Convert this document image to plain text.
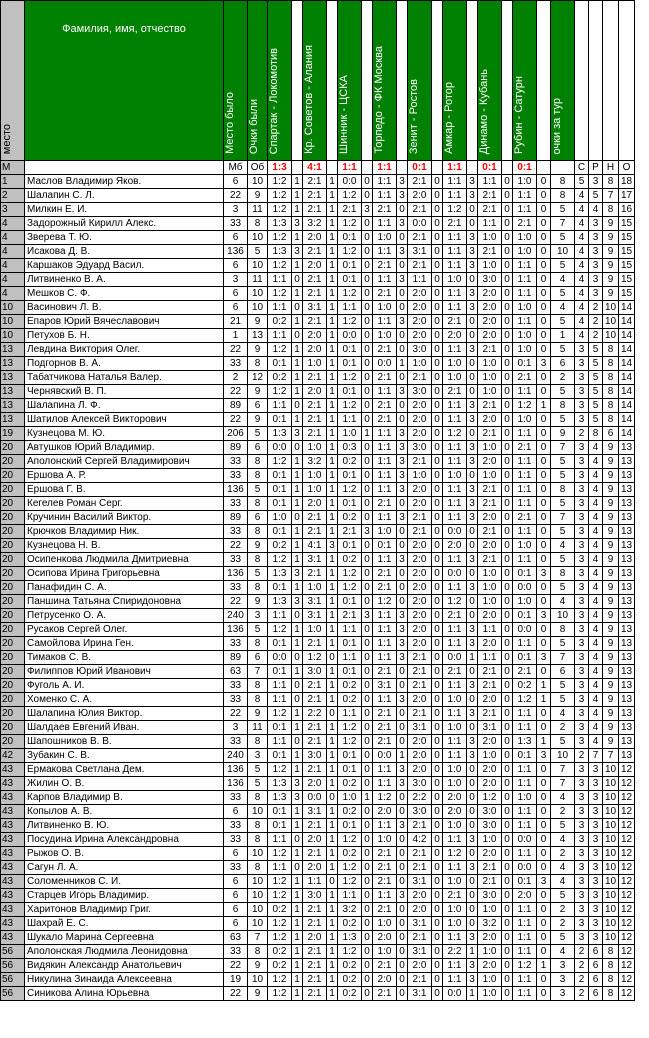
место	Фамилия, имя, отчество	Место было	Очки были	Спартак - Локомотив		Кр. Советов - Алания		Шинник - ЦСКА		Торпедо - ФК Москва		Зенит - Ростов		Амкар - Ротор		Динамо - Кубань		Рубин - Сатурн		очки за тур				
М		Мб	Об	1:3		4:1		1:1		1:1		0:1		1:1		0:1		0:1			С	Р	Н	О
1	Маслов Владимир Яков.	6	10	1:2	1	2:1	1	0:0	0	1:1	3	2:1	0	1:1	3	1:1	0	1:0	0	8	5	3	8	18
2	Шалапин С. Л.	22	9	1:2	1	2:1	1	1:2	0	1:1	3	2:0	0	1:1	3	2:1	0	1:1	0	8	4	5	7	17
3	Милкин Е. И.	3	11	1:2	1	2:1	1	2:1	3	2:1	0	2:1	0	1:2	0	2:1	0	1:1	0	5	4	4	8	16
4	Задорожный Кирилл Алекс.	33	8	1:3	3	3:2	1	1:2	0	1:1	3	0:0	0	2:1	0	1:1	0	2:1	0	7	4	3	9	15
4	Зверева Т. Ю.	6	10	1:2	1	2:0	1	0:1	0	1:0	0	2:1	0	1:1	3	1:0	0	1:0	0	5	4	3	9	15
4	Исакова Д. В.	136	5	1:3	3	2:1	1	1:2	0	1:1	3	3:1	0	1:1	3	2:1	0	1:0	0	10	4	3	9	15
4	Каршаков Эдуард Васил.	6	10	1:2	1	2:0	1	0:1	0	2:1	0	2:1	0	1:1	3	1:0	0	1:1	0	5	4	3	9	15
4	Литвиненко В. А.	3	11	1:1	0	2:1	1	0:1	0	1:1	3	1:1	0	1:0	0	3:0	0	1:1	0	4	4	3	9	15
4	Мешков С. Ф.	6	10	1:2	1	2:1	1	1:2	0	2:1	0	2:0	0	1:1	3	2:0	0	1:1	0	5	4	3	9	15
10	Васинович Л. В.	6	10	1:1	0	3:1	1	1:1	0	1:0	0	2:0	0	1:1	3	2:0	0	1:0	0	4	4	2	10	14
10	Епаров Юрий Вячеславович	21	9	0:2	1	2:1	1	1:2	0	1:1	3	2:0	0	2:1	0	2:0	0	1:1	0	5	4	2	10	14
10	Петухов Б. Н.	1	13	1:1	0	2:0	1	0:0	0	1:0	0	2:0	0	2:0	0	2:0	0	1:0	0	1	4	2	10	14
13	Левдина Виктория Олег.	22	9	1:2	1	2:0	1	0:1	0	2:1	0	3:0	0	1:1	3	2:1	0	1:0	0	5	3	5	8	14
13	Подгорнов В. А.	33	8	0:1	1	1:0	1	0:1	0	0:0	1	1:0	0	1:0	0	1:0	0	0:1	3	6	3	5	8	14
13	Табатчикова Наталья Валер.	2	12	0:2	1	2:1	1	1:2	0	2:1	0	2:1	0	1:0	0	1:0	0	2:1	0	2	3	5	8	14
13	Чернявский В. П.	22	9	1:2	1	2:0	1	0:1	0	1:1	3	3:0	0	2:1	0	1:0	0	1:1	0	5	3	5	8	14
13	Шалапина Л. Ф.	89	6	1:1	0	2:1	1	1:2	0	2:1	0	2:0	0	1:1	3	2:1	0	1:2	1	8	3	5	8	14
13	Шатилов Алексей Викторович	22	9	0:1	1	2:1	1	1:1	0	2:1	0	2:0	0	1:1	3	2:0	0	1:0	0	5	3	5	8	14
19	Кузнецова М. Ю.	206	5	1:3	3	2:1	1	1:0	1	1:1	3	2:0	0	1:2	0	2:1	0	1:1	0	9	2	8	6	14
20	Автушков Юрий Владимир.	89	6	0:0	0	1:0	1	0:3	0	1:1	3	3:0	0	1:1	3	1:0	0	2:1	0	7	3	4	9	13
20	Аполонский Сергей Владимирович	33	8	1:2	1	3:2	1	0:2	0	1:1	3	2:1	0	1:1	3	2:0	0	1:1	0	5	3	4	9	13
20	Ершова А. Р.	33	8	0:1	1	1:0	1	0:1	0	1:1	3	1:0	0	1:0	0	1:0	0	1:1	0	5	3	4	9	13
20	Ершова Г. В.	136	5	0:1	1	1:0	1	1:2	0	1:1	3	2:0	0	1:1	3	2:1	0	1:1	0	8	3	4	9	13
20	Кегелев Роман Серг.	33	8	0:1	1	2:0	1	0:1	0	2:1	0	2:0	0	1:1	3	2:1	0	1:1	0	5	3	4	9	13
20	Кручинин Василий Виктор.	89	6	1:0	0	2:1	1	0:2	0	1:1	3	2:1	0	1:1	3	2:0	0	2:1	0	7	3	4	9	13
20	Крючков Владимир Ник.	33	8	0:1	1	2:1	1	2:1	3	1:0	0	2:1	0	0:0	0	2:1	0	1:1	0	5	3	4	9	13
20	Кузнецова Н. В.	22	9	0:2	1	4:1	3	0:1	0	0:1	0	2:0	0	2:0	0	2:0	0	1:0	0	4	3	4	9	13
20	Осипенкова Людмила Дмитриевна	33	8	1:2	1	3:1	1	0:2	0	1:1	3	2:0	0	1:1	3	2:1	0	1:1	0	5	3	4	9	13
20	Осипова Ирина Григорьевна	136	5	1:3	3	2:1	1	1:2	0	2:1	0	2:0	0	0:0	0	1:0	0	0:1	3	8	3	4	9	13
20	Панафидин С. А.	33	8	0:1	1	1:0	1	1:2	0	2:1	0	2:0	0	1:1	3	1:0	0	0:0	0	5	3	4	9	13
20	Паншина Татьяна Спиридоновна	22	9	1:3	3	3:1	1	0:1	0	1:2	0	2:0	0	1:2	0	1:0	0	1:0	0	4	3	4	9	13
20	Петрусенко О. А.	240	3	1:1	0	3:1	1	2:1	3	1:1	3	2:0	0	2:1	0	2:0	0	0:1	3	10	3	4	9	13
20	Русаков Сергей Олег.	136	5	1:2	1	1:0	1	1:1	0	1:1	3	2:0	0	1:1	3	1:1	0	0:0	0	8	3	4	9	13
20	Самойлова Ирина Ген.	33	8	0:1	1	2:1	1	0:1	0	1:1	3	2:0	0	1:1	3	2:0	0	1:1	0	5	3	4	9	13
20	Тимаков С. В.	89	6	0:0	0	1:2	0	1:1	0	1:1	3	2:1	0	0:0	1	1:1	0	0:1	3	7	3	4	9	13
20	Филиппов Юрий Иванович	63	7	0:1	1	3:0	1	0:1	0	2:1	0	2:1	0	2:1	0	2:1	0	2:1	0	6	3	4	9	13
20	Фуголь А. И.	33	8	1:1	0	2:1	1	0:2	0	3:1	0	2:1	0	1:1	3	2:1	0	0:2	1	5	3	4	9	13
20	Хоменко С. А.	33	8	1:1	0	2:1	1	0:2	0	1:1	3	2:0	0	1:0	0	2:0	0	1:2	1	5	3	4	9	13
20	Шалапина Юлия Виктор.	22	9	1:2	1	2:2	0	1:1	0	2:1	0	2:1	0	1:1	3	2:1	0	1:1	0	4	3	4	9	13
20	Шалдаев Евгений Иван.	3	11	0:1	1	2:1	1	1:2	0	2:1	0	3:1	0	1:0	0	3:1	0	1:1	0	2	3	4	9	13
20	Шапошников В. В.	33	8	1:1	0	2:1	1	1:2	0	2:1	0	2:0	0	1:1	3	2:0	0	1:3	1	5	3	4	9	13
42	Зубакин С. В.	240	3	0:1	1	3:0	1	0:1	0	0:0	1	2:0	0	1:1	3	1:0	0	0:1	3	10	2	7	7	13
43	Ермакова Светлана Дем.	136	5	1:2	1	2:1	1	0:1	0	1:1	3	2:0	0	1:0	0	2:0	0	1:1	0	7	3	3	10	12
43	Жилин О. В.	136	5	1:3	3	2:0	1	0:2	0	1:1	3	3:0	0	1:0	0	2:0	0	1:1	0	7	3	3	10	12
43	Карпов Владимир В.	33	8	1:3	3	0:0	0	1:0	1	1:2	0	2:2	0	2:0	0	1:2	0	1:0	0	4	3	3	10	12
43	Копылов А. В.	6	10	0:1	1	3:1	1	0:2	0	2:0	0	3:0	0	2:0	0	3:0	0	1:1	0	2	3	3	10	12
43	Литвиненко В. Ю.	33	8	0:1	1	2:1	1	0:1	0	1:1	3	2:1	0	1:0	0	3:0	0	1:1	0	5	3	3	10	12
43	Посудина Ирина Александровна	33	8	1:1	0	2:0	1	1:2	0	1:0	0	4:2	0	1:1	3	1:0	0	0:0	0	4	3	3	10	12
43	Рыжов О. В.	6	10	1:2	1	2:1	1	0:2	0	2:1	0	2:1	0	1:2	0	2:0	0	1:1	0	2	3	3	10	12
43	Сагун Л. А.	33	8	1:1	0	2:0	1	1:2	0	2:1	0	2:1	0	1:1	3	2:1	0	0:0	0	4	3	3	10	12
43	Соломенников С. И.	6	10	1:2	1	1:1	0	1:2	0	2:1	0	3:1	0	1:0	0	2:1	0	0:1	3	4	3	3	10	12
43	Старцев Игорь Владимир.	6	10	1:2	1	3:0	1	1:1	0	1:1	3	2:0	0	2:1	0	3:0	0	2:0	0	5	3	3	10	12
43	Харитонов Владимир Григ.	6	10	0:2	1	2:1	1	3:2	0	2:1	0	2:0	0	1:0	0	1:0	0	1:1	0	2	3	3	10	12
43	Шахрай Е. С.	6	10	1:2	1	2:1	1	0:2	0	1:0	0	3:1	0	1:0	0	3:2	0	1:1	0	2	3	3	10	12
43	Шукало Марина Сергеевна	63	7	1:2	1	2:0	1	1:3	0	2:0	0	2:1	0	1:1	3	2:0	0	1:1	0	5	3	3	10	12
56	Аполонская Людмила Леонидовна	33	8	0:2	1	2:1	1	1:2	0	1:0	0	3:1	0	2:2	1	1:0	0	1:1	0	4	2	6	8	12
56	Видякин Александр Анатольевич	22	9	0:2	1	2:1	1	0:2	0	2:1	0	2:0	0	1:1	3	2:0	0	1:2	1	3	2	6	8	12
56	Никулина Зинаида Алексеевна	19	10	1:2	1	2:1	1	0:2	0	2:0	0	2:1	0	1:1	3	1:0	0	1:1	0	3	2	6	8	12
56	Синикова Алина Юрьевна	22	9	1:2	1	2:1	1	0:2	0	2:1	0	3:1	0	0:0	1	1:0	0	1:1	0	3	2	6	8	12
